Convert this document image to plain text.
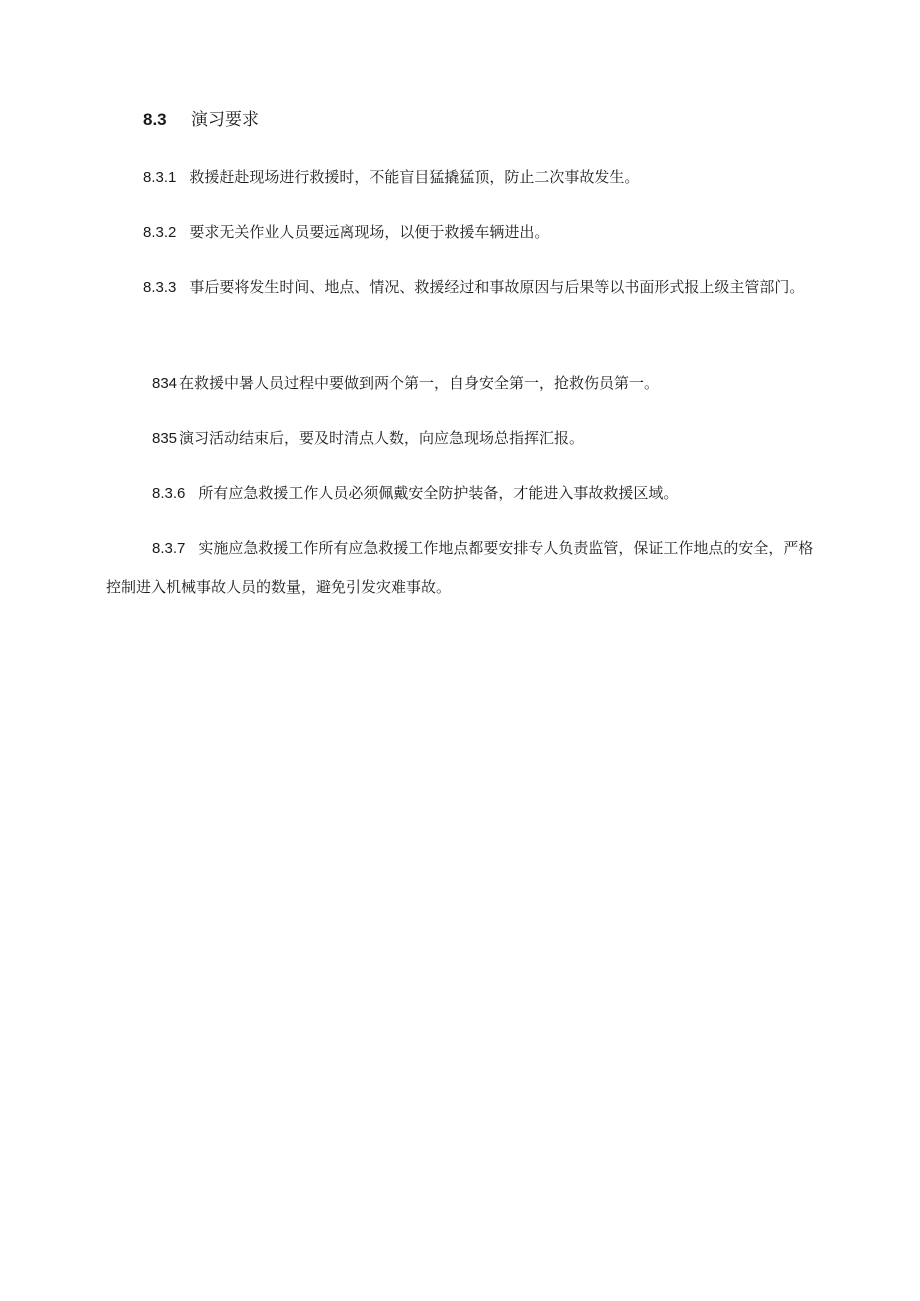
8.3 演习要求

8.3.1 救援赶赴现场进行救援时，不能盲目猛撬猛顶，防止二次事故发生。

8.3.2 要求无关作业人员要远离现场，以便于救援车辆进出。

8.3.3 事后要将发生时间、地点、情况、救援经过和事故原因与后果等以书面形式报上级主管部门。

834 在救援中暑人员过程中要做到两个第一，自身安全第一，抢救伤员第一。

835 演习活动结束后，要及时清点人数，向应急现场总指挥汇报。

8.3.6 所有应急救援工作人员必须佩戴安全防护装备，才能进入事故救援区域。

8.3.7 实施应急救援工作所有应急救援工作地点都要安排专人负责监管，保证工作地点的安全，严格控制进入机械事故人员的数量，避免引发灾难事故。
